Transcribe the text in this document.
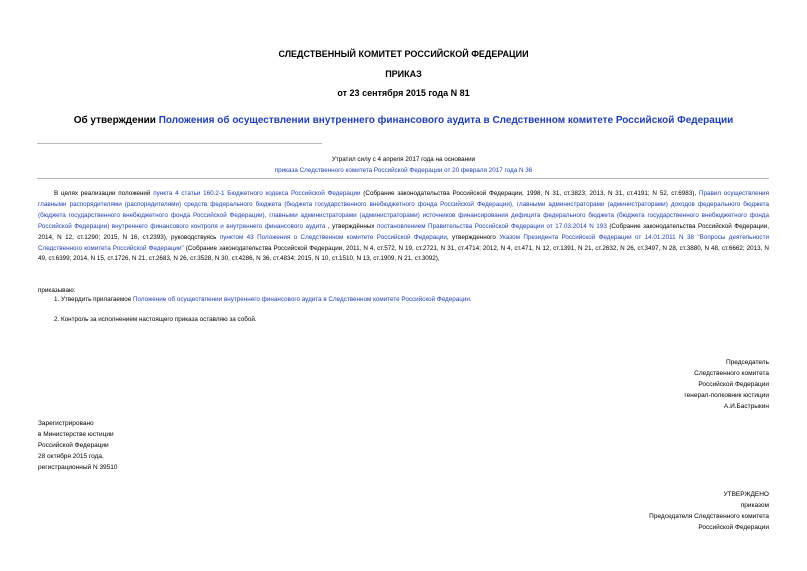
СЛЕДСТВЕННЫЙ КОМИТЕТ РОССИЙСКОЙ ФЕДЕРАЦИИ
ПРИКАЗ
от 23 сентября 2015 года N 81
Об утверждении Положения об осуществлении внутреннего финансового аудита в Следственном комитете Российской Федерации
Утратил силу с 4 апреля 2017 года на основании
приказа Следственного комитета Российской Федерации от 20 февраля 2017 года N 36
В целях реализации положений пункта 4 статьи 160.2-1 Бюджетного кодекса Российской Федерации (Собрание законодательства Российской Федерации, 1998, N 31, ст.3823; 2013, N 31, ст.4191; N 52, ст.6983), Правил осуществления главными распорядителями (распорядителями) средств федерального бюджета (бюджета государственного внебюджетного фонда Российской Федерации), главными администраторами (администраторами) доходов федерального бюджета (бюджета государственного внебюджетного фонда Российской Федерации), главными администраторами (администраторами) источников финансирования дефицита федерального бюджета (бюджета государственного внебюджетного фонда Российской Федерации) внутреннего финансового контроля и внутреннего финансового аудита , утверждённых постановлением Правительства Российской Федерации от 17.03.2014 N 193 (Собрание законодательства Российской Федерации, 2014, N 12, ст.1290; 2015, N 16, ст.2393), руководствуясь пунктом 43 Положения о Следственном комитете Российской Федерации, утвержденного Указом Президента Российской Федерации от 14.01.2011 N 38 "Вопросы деятельности Следственного комитета Российской Федерации" (Собрание законодательства Российской Федерации, 2011, N 4, ст.572, N 19, ст.2721, N 31, ст.4714; 2012, N 4, ст.471, N 12, ст.1391, N 21, ст.2632, N 26, ст.3497, N 28, ст.3880, N 48, ст.6662; 2013, N 49, ст.6399; 2014, N 15, ст.1726, N 21, ст.2683, N 26, ст.3528, N 30, ст.4286, N 36, ст.4834; 2015, N 10, ст.1510, N 13, ст.1909, N 21, ст.3092),
приказываю:
1. Утвердить прилагаемое Положение об осуществлении внутреннего финансового аудита в Следственном комитете Российской Федерации.
2. Контроль за исполнением настоящего приказа оставляю за собой.
Председатель
Следственного комитета
Российской Федерации
генерал-полковник юстиции
А.И.Бастрыкин
Зарегистрировано
в Министерстве юстиции
Российской Федерации
28 октября 2015 года,
регистрационный N 39510
УТВЕРЖДЕНО
приказом
Председателя Следственного комитета
Российской Федерации
